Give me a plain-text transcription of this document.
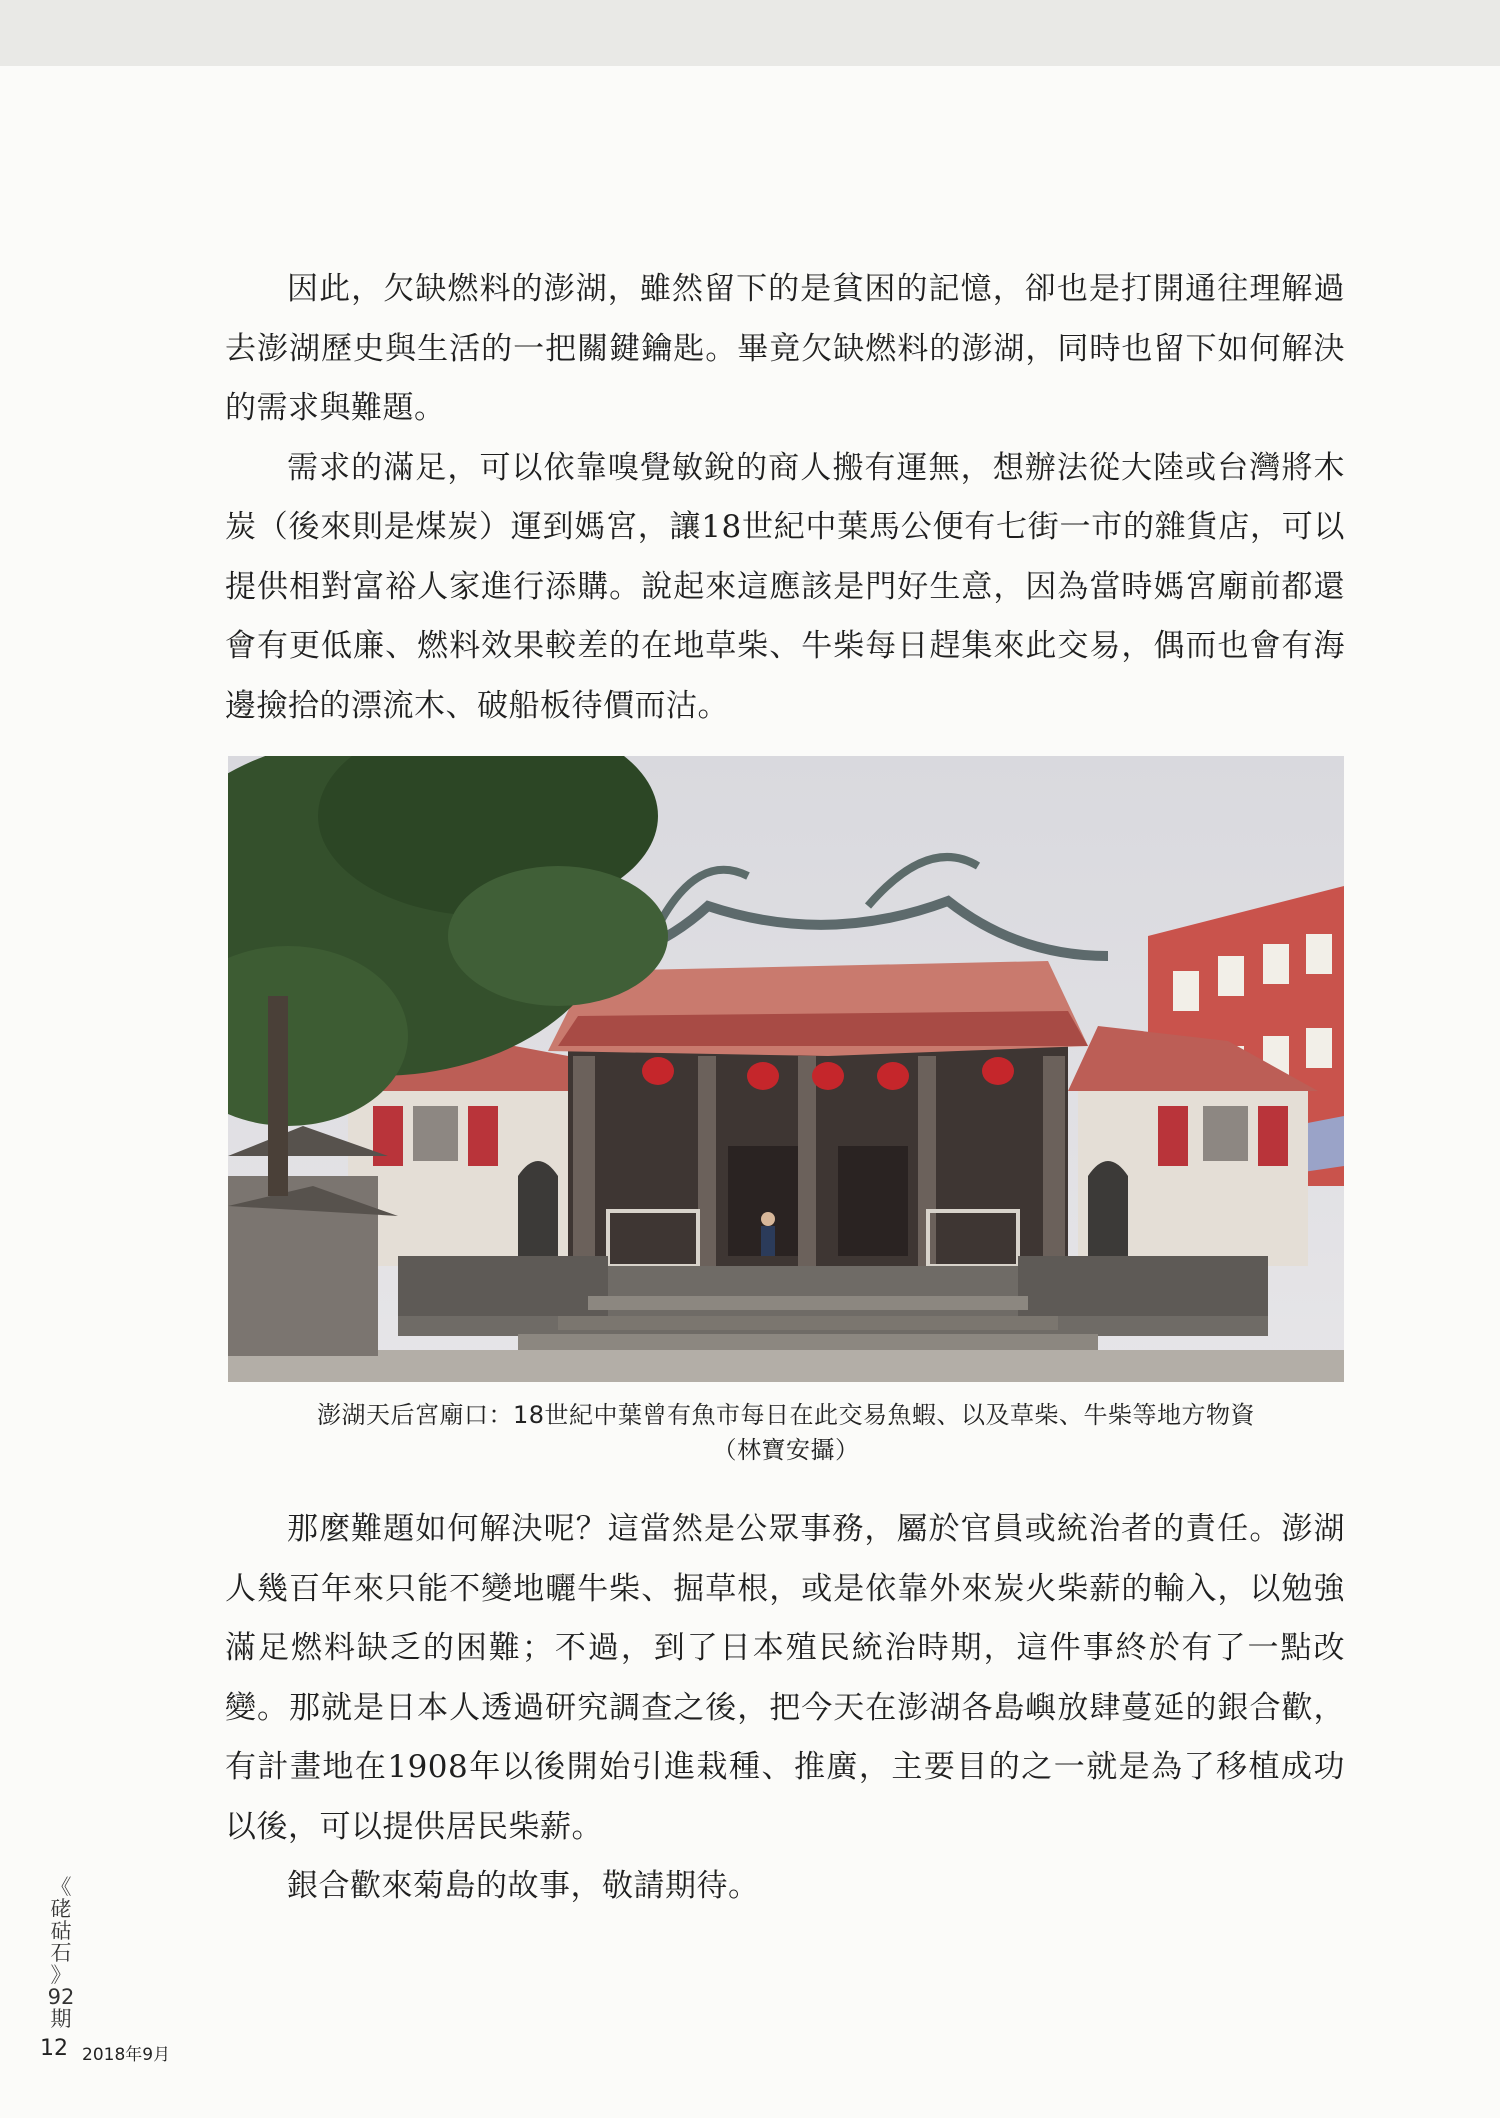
因此，欠缺燃料的澎湖，雖然留下的是貧困的記憶，卻也是打開通往理解過去澎湖歷史與生活的一把關鍵鑰匙。畢竟欠缺燃料的澎湖，同時也留下如何解決的需求與難題。

需求的滿足，可以依靠嗅覺敏銳的商人搬有運無，想辦法從大陸或台灣將木炭（後來則是煤炭）運到媽宮，讓18世紀中葉馬公便有七街一市的雜貨店，可以提供相對富裕人家進行添購。說起來這應該是門好生意，因為當時媽宮廟前都還會有更低廉、燃料效果較差的在地草柴、牛柴每日趕集來此交易，偶而也會有海邊撿拾的漂流木、破船板待價而沽。

澎湖天后宮廟口：18世紀中葉曾有魚市每日在此交易魚蝦、以及草柴、牛柴等地方物資
（林寶安攝）

那麼難題如何解決呢？這當然是公眾事務，屬於官員或統治者的責任。澎湖人幾百年來只能不變地曬牛柴、掘草根，或是依靠外來炭火柴薪的輸入，以勉強滿足燃料缺乏的困難；不過，到了日本殖民統治時期，這件事終於有了一點改變。那就是日本人透過研究調查之後，把今天在澎湖各島嶼放肆蔓延的銀合歡，有計畫地在1908年以後開始引進栽種、推廣，主要目的之一就是為了移植成功以後，可以提供居民柴薪。

銀合歡來菊島的故事，敬請期待。

《
硓
𥑮
石
》
92
期
12 2018年9月
